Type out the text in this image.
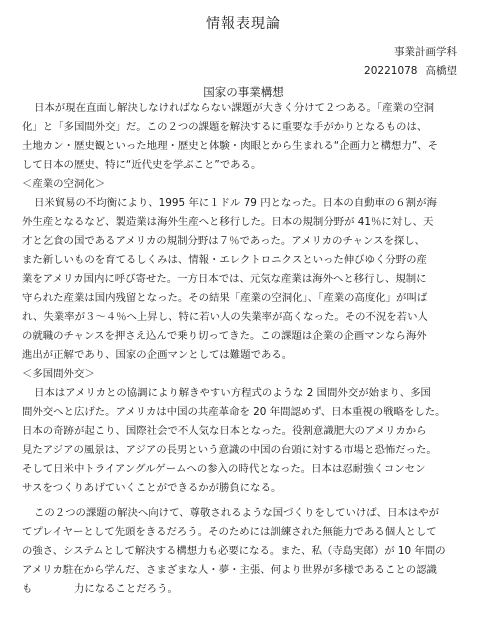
情報表現論
事業計画学科
20221078 高橋望
国家の事業構想
日本が現在直面し解決しなければならない課題が大きく分けて２つある。「産業の空洞
化」と「多国間外交」だ。この２つの課題を解決するに重要な手がかりとなるものは、
土地カン・歴史観といった地理・歴史と体験・肉眼とから生まれる“企画力と構想力”、そ
して日本の歴史、特に“近代史を学ぶこと”である。
＜産業の空洞化＞
日米貿易の不均衡により、1995 年に１ドル 79 円となった。日本の自動車の６割が海
外生産となるなど、製造業は海外生産へと移行した。日本の規制分野が 41％に対し、天
才と乞食の国であるアメリカの規制分野は７％であった。アメリカのチャンスを探し、
また新しいものを育てるしくみは、情報・エレクトロニクスといった伸びゆく分野の産
業をアメリカ国内に呼び寄せた。一方日本では、元気な産業は海外へと移行し、規制に
守られた産業は国内残留となった。その結果「産業の空洞化」、「産業の高度化」が叫ば
れ、失業率が３～４％へ上昇し、特に若い人の失業率が高くなった。その不況を若い人
の就職のチャンスを押さえ込んで乗り切ってきた。この課題は企業の企画マンなら海外
進出が正解であり、国家の企画マンとしては難題である。
＜多国間外交＞
日本はアメリカとの協調により解きやすい方程式のような 2 国間外交が始まり、多国
間外交へと広げた。アメリカは中国の共産革命を 20 年間認めず、日本重視の戦略をした。
日本の奇跡が起こり、国際社会で不人気な日本となった。役割意識肥大のアメリカから
見たアジアの風景は、アジアの長男という意識の中国の台頭に対する市場と恐怖だった。
そして日米中トライアングルゲームへの参入の時代となった。日本は忍耐強くコンセン
サスをつくりあげていくことができるかが勝負になる。
この２つの課題の解決へ向けて、尊敬されるような国づくりをしていけば、日本はやが
てプレイヤーとして先頭をきるだろう。そのためには訓練された無能力である個人として
の強さ、システムとして解決する構想力も必要になる。また、私（寺島実郎）が 10 年間の
アメリカ駐在から学んだ、さまざまな人・夢・主張、何より世界が多様であることの認識
も　　　　力になることだろう。
